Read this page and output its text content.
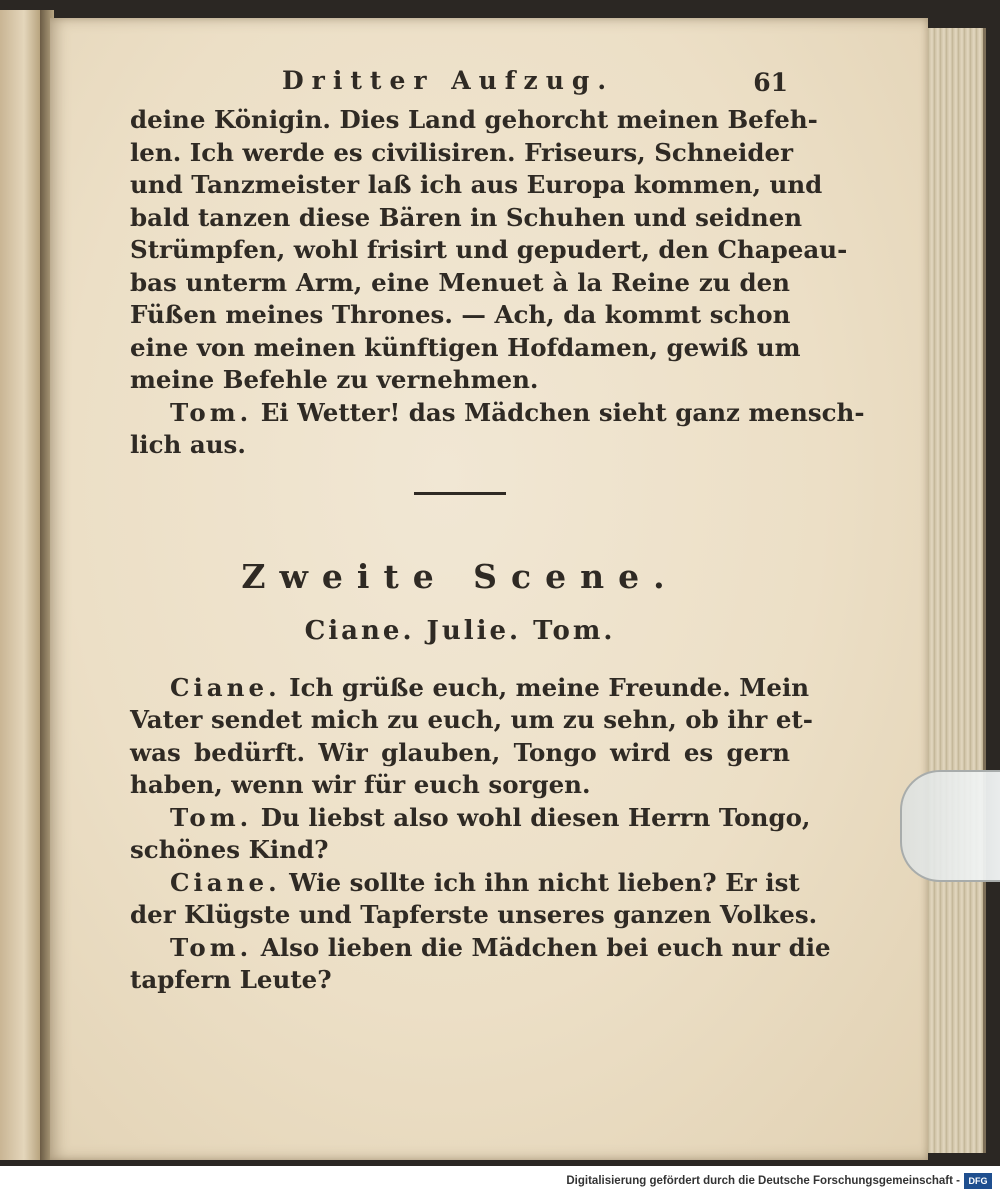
Dritter Aufzug.	61

deine Königin. Dies Land gehorcht meinen Befeh-
len. Ich werde es civilisiren. Friseurs, Schneider
und Tanzmeister laß ich aus Europa kommen, und
bald tanzen diese Bären in Schuhen und seidnen
Strümpfen, wohl frisirt und gepudert, den Chapeau-
bas unterm Arm, eine Menuet à la Reine zu den
Füßen meines Thrones. — Ach, da kommt schon
eine von meinen künftigen Hofdamen, gewiß um
meine Befehle zu vernehmen.

Tom. Ei Wetter! das Mädchen sieht ganz mensch-
lich aus.

Zweite Scene.
Ciane. Julie. Tom.

Ciane. Ich grüße euch, meine Freunde. Mein
Vater sendet mich zu euch, um zu sehn, ob ihr et-
was bedürft. Wir glauben, Tongo wird es gern
haben, wenn wir für euch sorgen.

Tom. Du liebst also wohl diesen Herrn Tongo,
schönes Kind?

Ciane. Wie sollte ich ihn nicht lieben? Er ist
der Klügste und Tapferste unseres ganzen Volkes.

Tom. Also lieben die Mädchen bei euch nur die
tapfern Leute?

Digitalisierung gefördert durch die Deutsche Forschungsgemeinschaft - DFG
